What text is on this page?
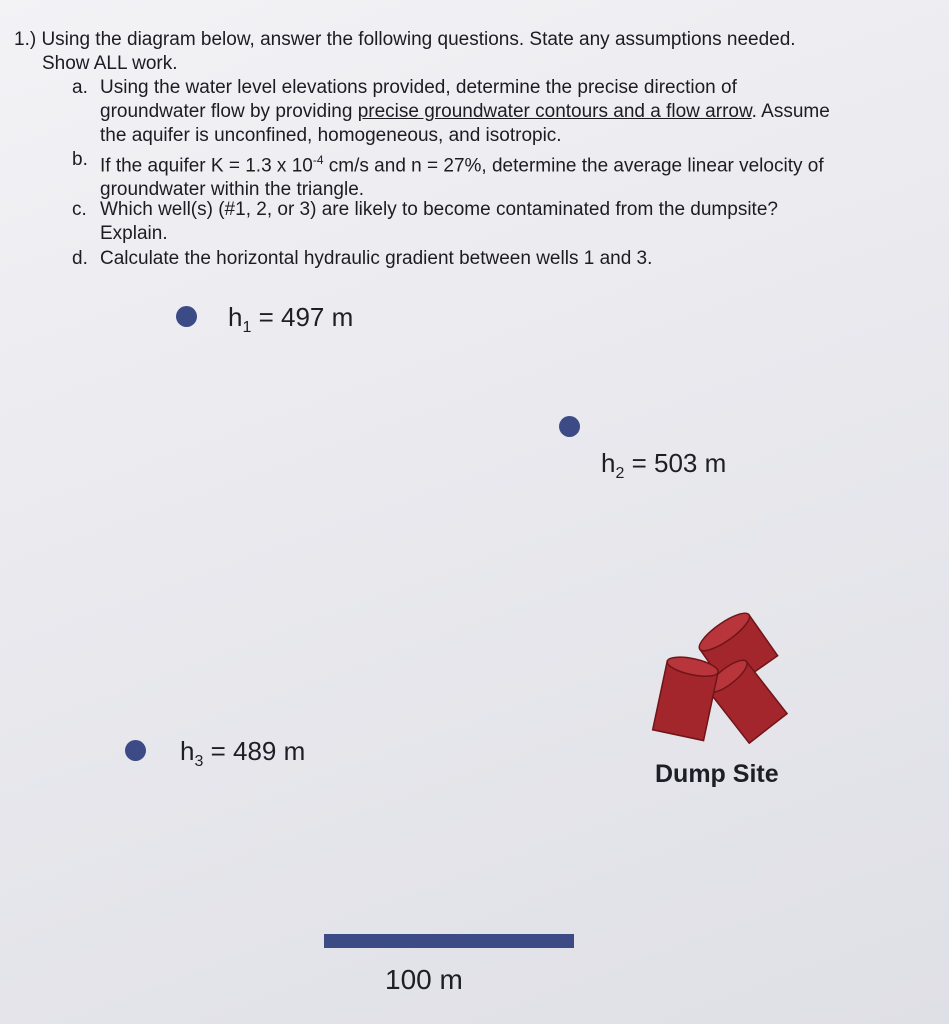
1.) Using the diagram below, answer the following questions. State any assumptions needed.
Show ALL work.
a. Using the water level elevations provided, determine the precise direction of
groundwater flow by providing precise groundwater contours and a flow arrow. Assume
the aquifer is unconfined, homogeneous, and isotropic.
b. If the aquifer K = 1.3 x $10^{-4}$ cm/s and n = 27%, determine the average linear velocity of
groundwater within the triangle.
c. Which well(s) (#1, 2, or 3) are likely to become contaminated from the dumpsite?
Explain.
d. Calculate the horizontal hydraulic gradient between wells 1 and 3.
$h_1 = 497$ m
$h_2 = 503$ m
$h_3 = 489$ m
Dump Site
100 m
